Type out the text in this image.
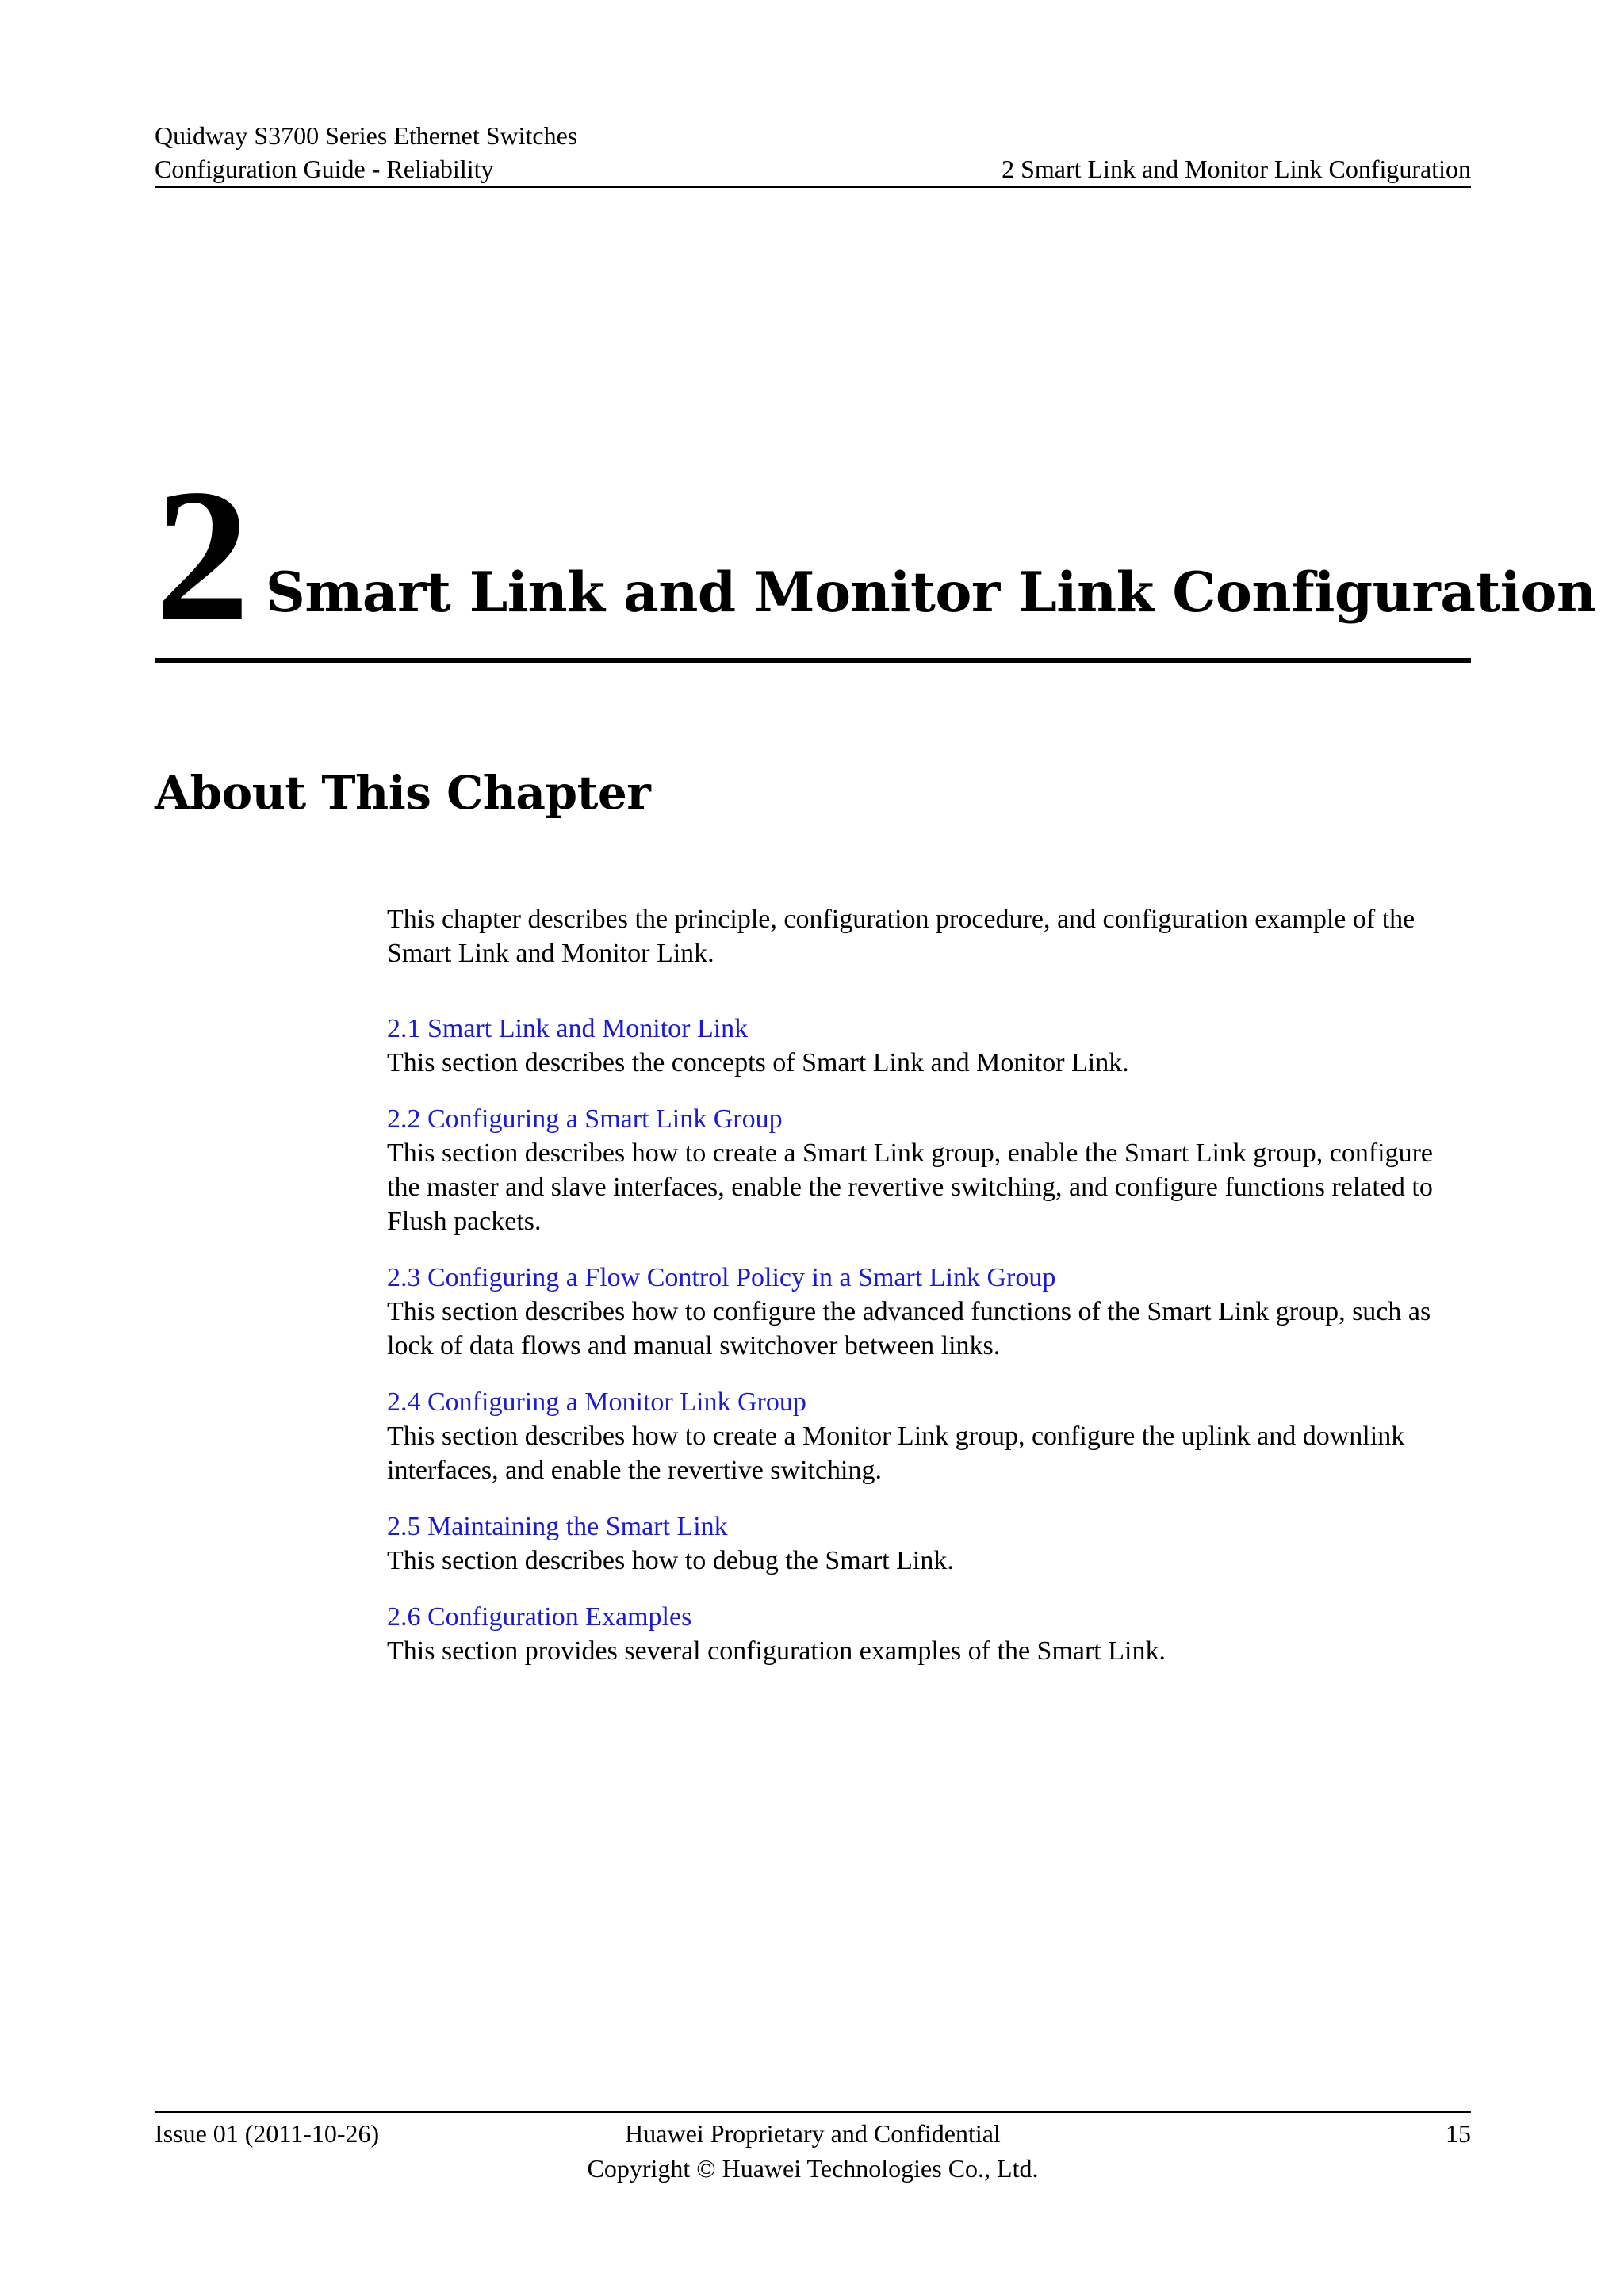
Quidway S3700 Series Ethernet Switches
Configuration Guide - Reliability	2 Smart Link and Monitor Link Configuration
2 Smart Link and Monitor Link Configuration
About This Chapter

This chapter describes the principle, configuration procedure, and configuration example of the Smart Link and Monitor Link.

2.1 Smart Link and Monitor Link
This section describes the concepts of Smart Link and Monitor Link.
2.2 Configuring a Smart Link Group
This section describes how to create a Smart Link group, enable the Smart Link group, configure the master and slave interfaces, enable the revertive switching, and configure functions related to Flush packets.
2.3 Configuring a Flow Control Policy in a Smart Link Group
This section describes how to configure the advanced functions of the Smart Link group, such as lock of data flows and manual switchover between links.
2.4 Configuring a Monitor Link Group
This section describes how to create a Monitor Link group, configure the uplink and downlink interfaces, and enable the revertive switching.
2.5 Maintaining the Smart Link
This section describes how to debug the Smart Link.
2.6 Configuration Examples
This section provides several configuration examples of the Smart Link.
Issue 01 (2011-10-26)	Huawei Proprietary and Confidential
Copyright © Huawei Technologies Co., Ltd.
15
